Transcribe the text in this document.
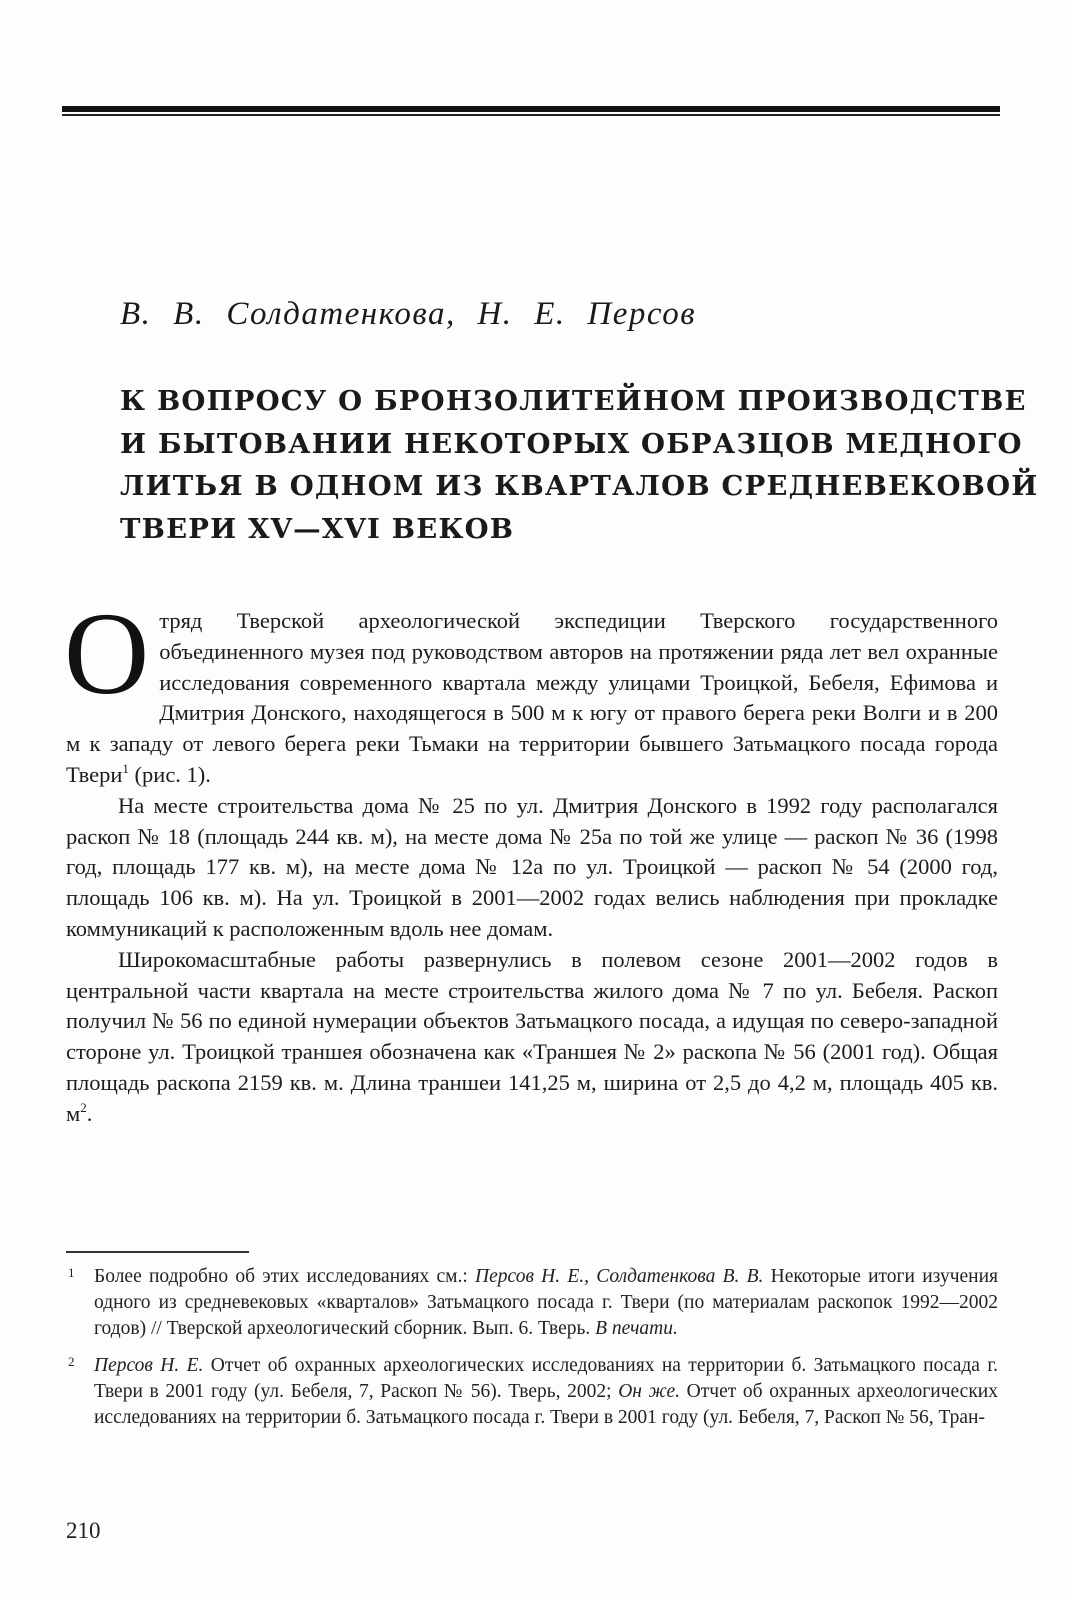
В. В. Солдатенкова, Н. Е. Персов
К ВОПРОСУ О БРОНЗОЛИТЕЙНОМ ПРОИЗВОДСТВЕ
И БЫТОВАНИИ НЕКОТОРЫХ ОБРАЗЦОВ МЕДНОГО
ЛИТЬЯ В ОДНОМ ИЗ КВАРТАЛОВ СРЕДНЕВЕКОВОЙ
ТВЕРИ XV—XVI ВЕКОВ

Отряд Тверской археологической экспедиции Тверского государственного объединенного музея под руководством авторов на протяжении ряда лет вел охранные исследования современного квартала между улицами Троицкой, Бебеля, Ефимова и Дмитрия Донского, находящегося в 500 м к югу от правого берега реки Волги и в 200 м к западу от левого берега реки Тьмаки на территории бывшего Затьмацкого посада города Твери$^1$ (рис. 1).

На месте строительства дома № 25 по ул. Дмитрия Донского в 1992 году располагался раскоп № 18 (площадь 244 кв. м), на месте дома № 25а по той же улице — раскоп № 36 (1998 год, площадь 177 кв. м), на месте дома № 12а по ул. Троицкой — раскоп № 54 (2000 год, площадь 106 кв. м). На ул. Троицкой в 2001—2002 годах велись наблюдения при прокладке коммуникаций к расположенным вдоль нее домам.

Широкомасштабные работы развернулись в полевом сезоне 2001—2002 годов в центральной части квартала на месте строительства жилого дома № 7 по ул. Бебеля. Раскоп получил № 56 по единой нумерации объектов Затьмацкого посада, а идущая по северо-западной стороне ул. Троицкой траншея обозначена как «Траншея № 2» раскопа № 56 (2001 год). Общая площадь раскопа 2159 кв. м. Длина траншеи 141,25 м, ширина от 2,5 до 4,2 м, площадь 405 кв. $м^2$.

1 Более подробно об этих исследованиях см.: Персов Н. Е., Солдатенкова В. В. Некоторые итоги изучения одного из средневековых «кварталов» Затьмацкого посада г. Твери (по материалам раскопок 1992—2002 годов) // Тверской археологический сборник. Вып. 6. Тверь. В печати.
2 Персов Н. Е. Отчет об охранных археологических исследованиях на территории б. Затьмацкого посада г. Твери в 2001 году (ул. Бебеля, 7, Раскоп № 56). Тверь, 2002; Он же. Отчет об охранных археологических исследованиях на территории б. Затьмацкого посада г. Твери в 2001 году (ул. Бебеля, 7, Раскоп № 56, Тран-
210
